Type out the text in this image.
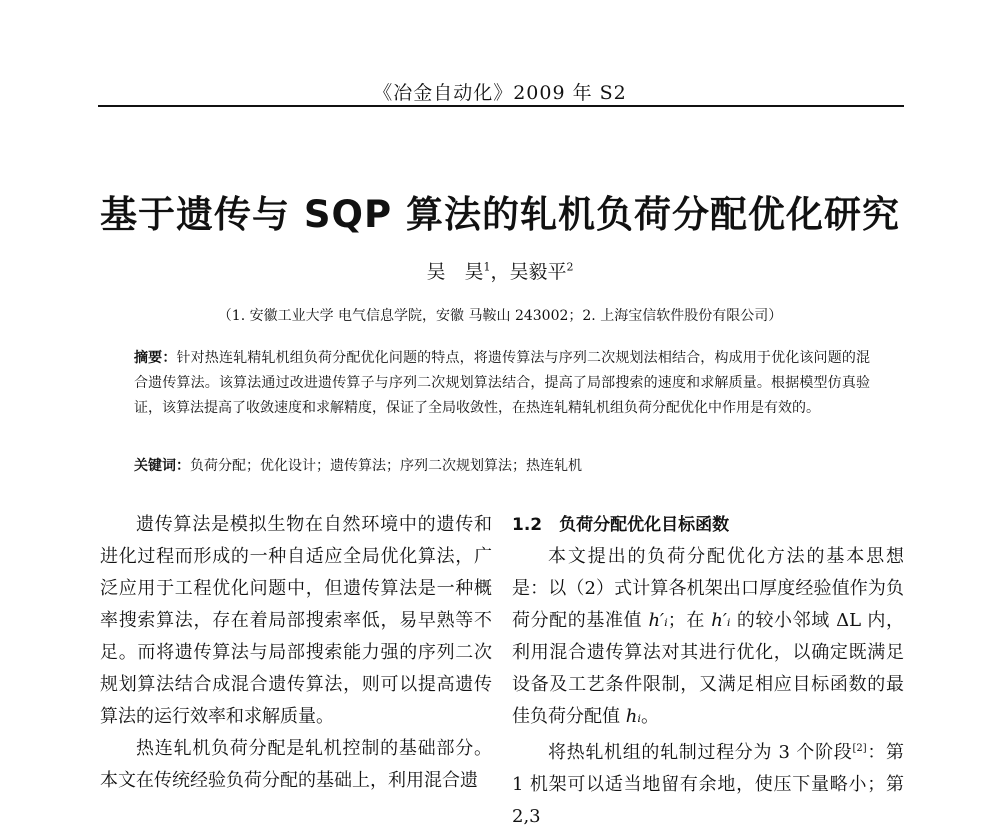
《冶金自动化》2009 年 S2
基于遗传与 SQP 算法的轧机负荷分配优化研究
吴　昊$^1$，吴毅平$^2$
（1. 安徽工业大学 电气信息学院，安徽 马鞍山 243002；2. 上海宝信软件股份有限公司）
摘要：针对热连轧精轧机组负荷分配优化问题的特点，将遗传算法与序列二次规划法相结合，构成用于优化该问题的混合遗传算法。该算法通过改进遗传算子与序列二次规划算法结合，提高了局部搜索的速度和求解质量。根据模型仿真验证，该算法提高了收敛速度和求解精度，保证了全局收敛性，在热连轧精轧机组负荷分配优化中作用是有效的。
关键词：负荷分配；优化设计；遗传算法；序列二次规划算法；热连轧机

遗传算法是模拟生物在自然环境中的遗传和进化过程而形成的一种自适应全局优化算法，广泛应用于工程优化问题中，但遗传算法是一种概率搜索算法，存在着局部搜索率低，易早熟等不足。而将遗传算法与局部搜索能力强的序列二次规划算法结合成混合遗传算法，则可以提高遗传算法的运行效率和求解质量。

热连轧机负荷分配是轧机控制的基础部分。本文在传统经验负荷分配的基础上，利用混合遗

1.2　负荷分配优化目标函数

本文提出的负荷分配优化方法的基本思想是：以（2）式计算各机架出口厚度经验值作为负荷分配的基准值 h′ᵢ；在 h′ᵢ 的较小邻域 ΔL 内，利用混合遗传算法对其进行优化，以确定既满足设备及工艺条件限制，又满足相应目标函数的最佳负荷分配值 hᵢ。

将热轧机组的轧制过程分为 3 个阶段[2]：第 1 机架可以适当地留有余地，使压下量略小；第 2,3
